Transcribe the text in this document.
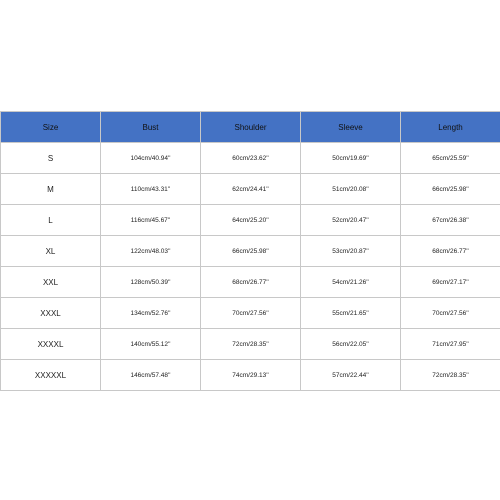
Size	Bust	Shoulder	Sleeve	Length
S	104cm/40.94''	60cm/23.62''	50cm/19.69''	65cm/25.59''
M	110cm/43.31''	62cm/24.41''	51cm/20.08''	66cm/25.98''
L	116cm/45.67''	64cm/25.20''	52cm/20.47''	67cm/26.38''
XL	122cm/48.03''	66cm/25.98''	53cm/20.87''	68cm/26.77''
XXL	128cm/50.39''	68cm/26.77''	54cm/21.26''	69cm/27.17''
XXXL	134cm/52.76''	70cm/27.56''	55cm/21.65''	70cm/27.56''
XXXXL	140cm/55.12''	72cm/28.35''	56cm/22.05''	71cm/27.95''
XXXXXL	146cm/57.48''	74cm/29.13''	57cm/22.44''	72cm/28.35''
